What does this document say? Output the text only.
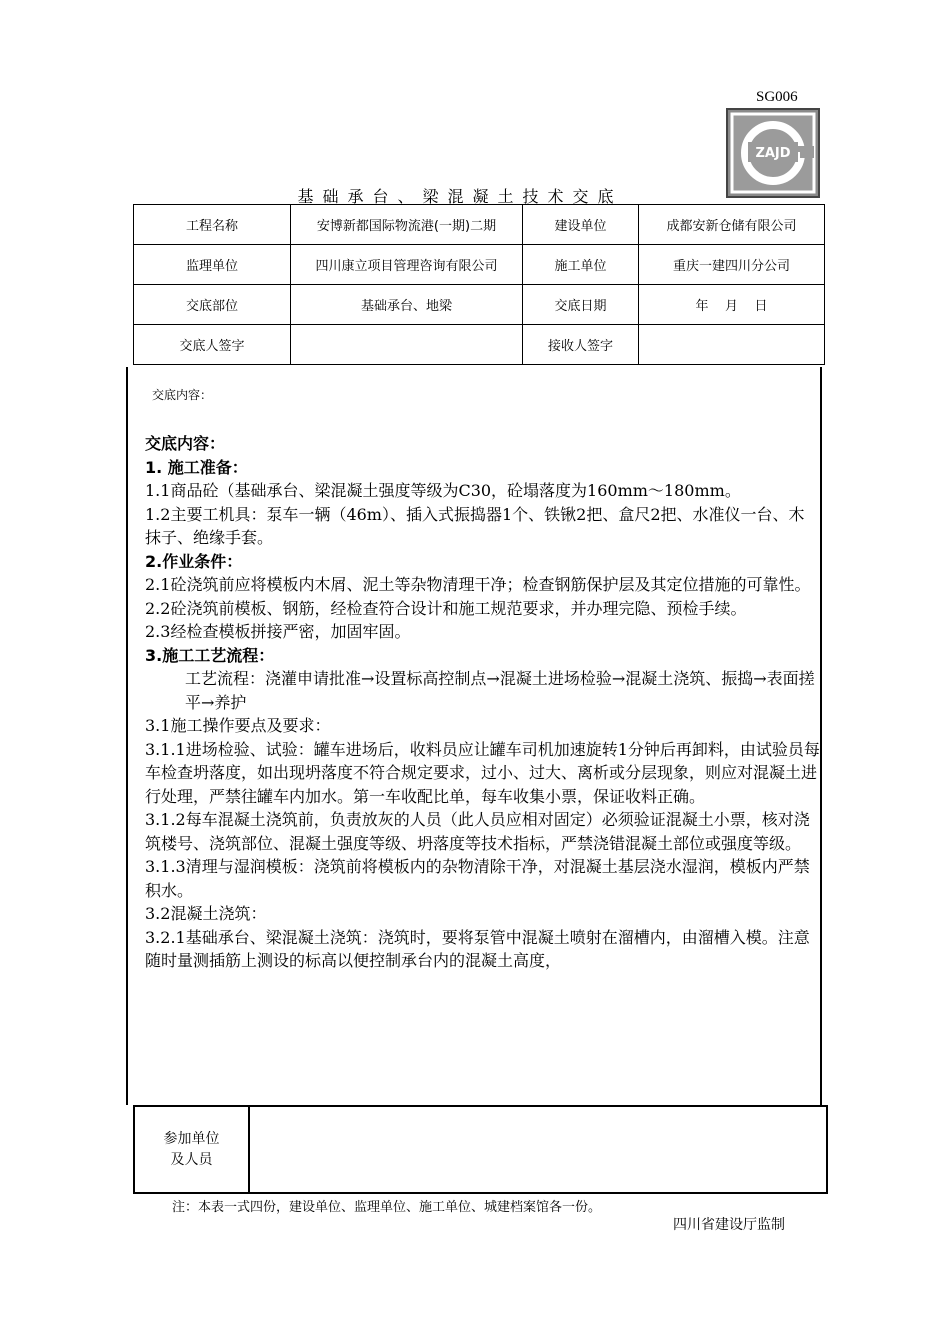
SG006
ZAJD
基础承台、梁混凝土技术交底
工程名称	安博新都国际物流港(一期)二期	建设单位	成都安新仓储有限公司
监理单位	四川康立项目管理咨询有限公司	施工单位	重庆一建四川分公司
交底部位	基础承台、地梁	交底日期	年    月    日
交底人签字		接收人签字	
交底内容：

交底内容：

1. 施工准备：

1.1商品砼（基础承台、梁混凝土强度等级为C30，砼塌落度为160mm～180mm。

1.2主要工机具：泵车一辆（46m）、插入式振捣器1个、铁锹2把、盒尺2把、水准仪一台、木抹子、绝缘手套。

2.作业条件：

2.1砼浇筑前应将模板内木屑、泥土等杂物清理干净；检查钢筋保护层及其定位措施的可靠性。

2.2砼浇筑前模板、钢筋，经检查符合设计和施工规范要求，并办理完隐、预检手续。

2.3经检查模板拼接严密，加固牢固。

3.施工工艺流程：

工艺流程：浇灌申请批准→设置标高控制点→混凝土进场检验→混凝土浇筑、振捣→表面搓平→养护

3.1施工操作要点及要求：

3.1.1进场检验、试验：罐车进场后，收料员应让罐车司机加速旋转1分钟后再卸料，由试验员每车检查坍落度，如出现坍落度不符合规定要求，过小、过大、离析或分层现象，则应对混凝土进行处理，严禁往罐车内加水。第一车收配比单，每车收集小票，保证收料正确。

3.1.2每车混凝土浇筑前，负责放灰的人员（此人员应相对固定）必须验证混凝土小票，核对浇筑楼号、浇筑部位、混凝土强度等级、坍落度等技术指标，严禁浇错混凝土部位或强度等级。

3.1.3清理与湿润模板：浇筑前将模板内的杂物清除干净，对混凝土基层浇水湿润，模板内严禁积水。

3.2混凝土浇筑：

3.2.1基础承台、梁混凝土浇筑：浇筑时，要将泵管中混凝土喷射在溜槽内，由溜槽入模。注意随时量测插筋上测设的标高以便控制承台内的混凝土高度，

参加单位
及人员
注：本表一式四份，建设单位、监理单位、施工单位、城建档案馆各一份。
四川省建设厅监制
